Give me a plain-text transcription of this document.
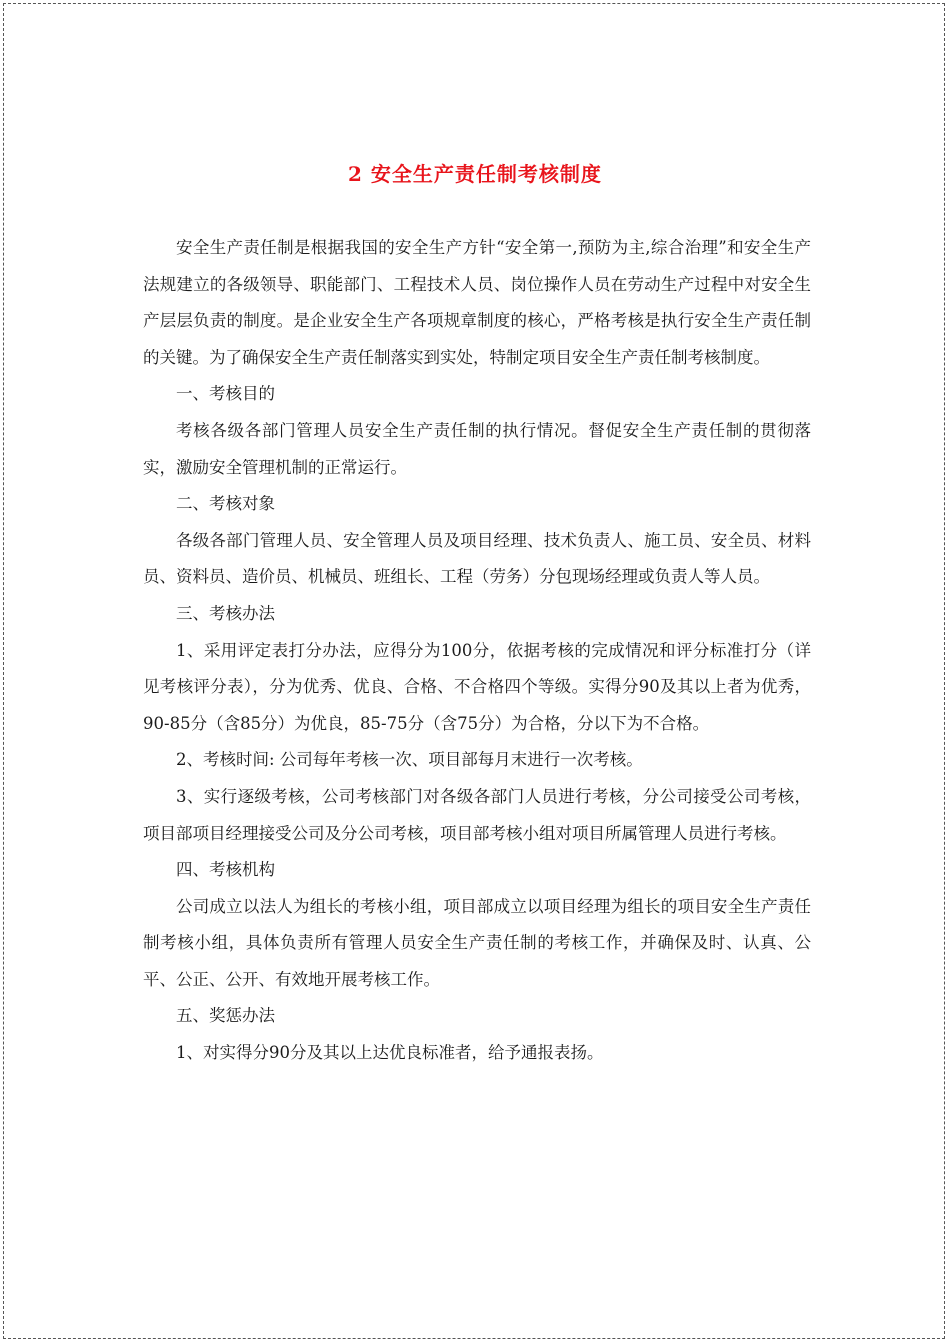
2 安全生产责任制考核制度

安全生产责任制是根据我国的安全生产方针“安全第一,预防为主,综合治理”和安全生产法规建立的各级领导、职能部门、工程技术人员、岗位操作人员在劳动生产过程中对安全生产层层负责的制度。是企业安全生产各项规章制度的核心，严格考核是执行安全生产责任制的关键。为了确保安全生产责任制落实到实处，特制定项目安全生产责任制考核制度。

一、考核目的

考核各级各部门管理人员安全生产责任制的执行情况。督促安全生产责任制的贯彻落实，激励安全管理机制的正常运行。

二、考核对象

各级各部门管理人员、安全管理人员及项目经理、技术负责人、施工员、安全员、材料员、资料员、造价员、机械员、班组长、工程（劳务）分包现场经理或负责人等人员。

三、考核办法

1、采用评定表打分办法，应得分为100分，依据考核的完成情况和评分标准打分（详见考核评分表），分为优秀、优良、合格、不合格四个等级。实得分90及其以上者为优秀，90-85分（含85分）为优良，85-75分（含75分）为合格，分以下为不合格。

2、考核时间: 公司每年考核一次、项目部每月末进行一次考核。

3、实行逐级考核，公司考核部门对各级各部门人员进行考核，分公司接受公司考核，项目部项目经理接受公司及分公司考核，项目部考核小组对项目所属管理人员进行考核。

四、考核机构

公司成立以法人为组长的考核小组，项目部成立以项目经理为组长的项目安全生产责任制考核小组，具体负责所有管理人员安全生产责任制的考核工作，并确保及时、认真、公平、公正、公开、有效地开展考核工作。

五、奖惩办法

1、对实得分90分及其以上达优良标准者，给予通报表扬。
